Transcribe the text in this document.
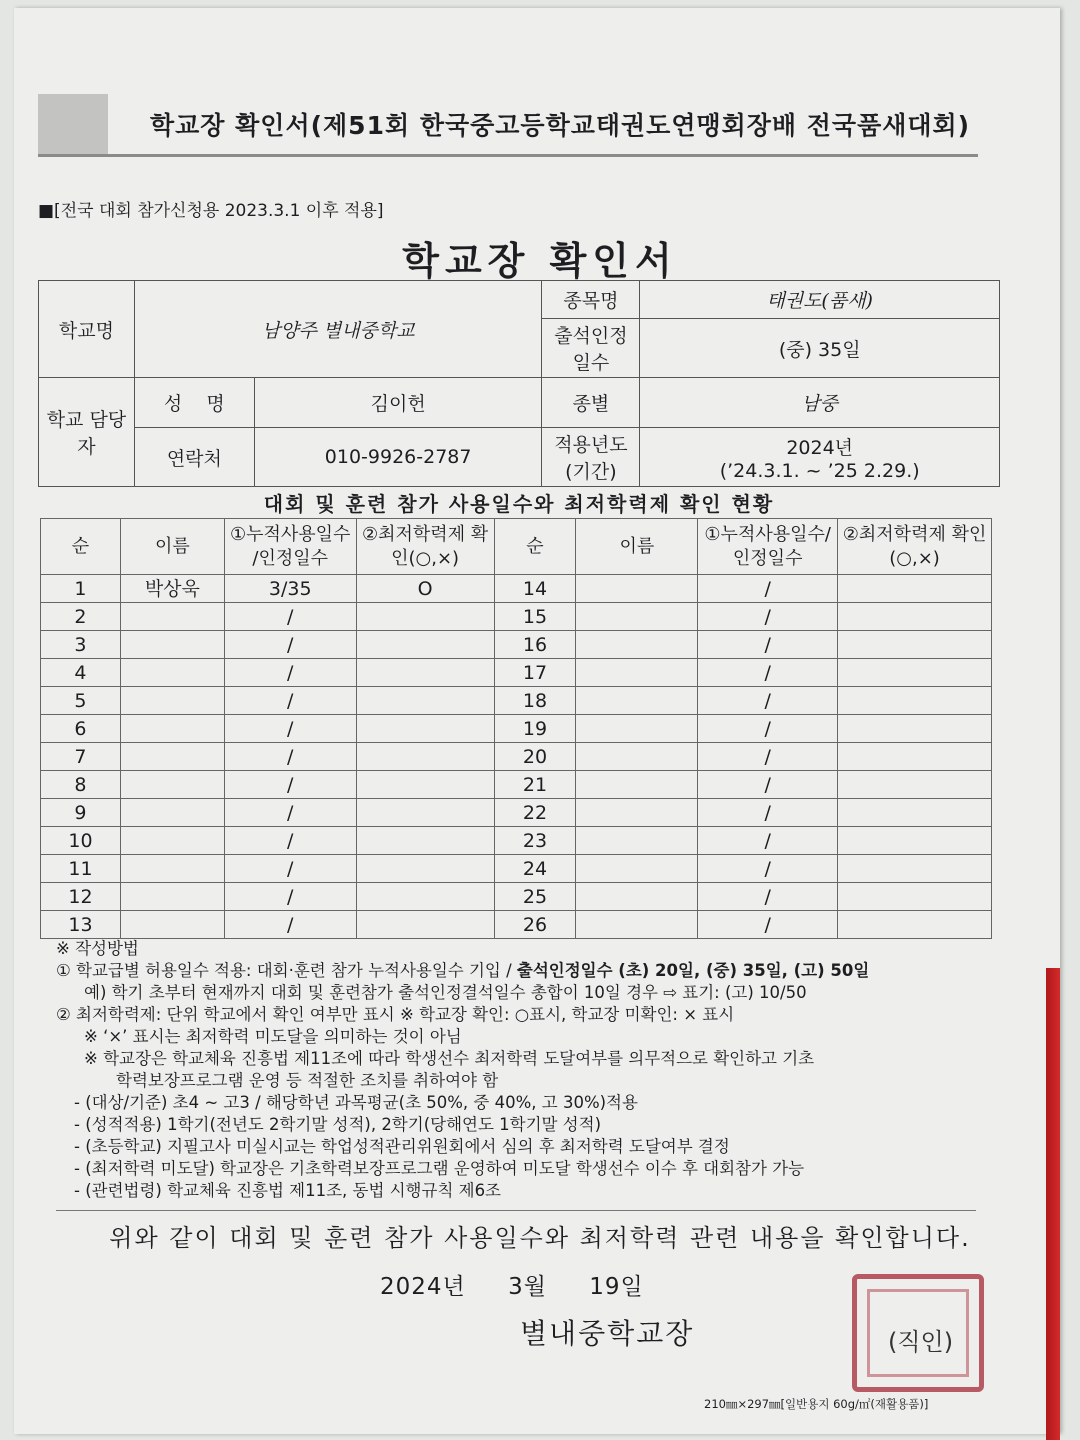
학교장 확인서(제51회 한국중고등학교태권도연맹회장배 전국품새대회)
■[전국 대회 참가신청용 2023.3.1 이후 적용]
학교장 확인서
학교명	남양주 별내중학교		종목명	태권도(품새)
			출석인정 일수	(중) 35일
학교 담당자	성    명	김이헌	종별	남중
	연락처	010-9926-2787	적용년도 (기간)	2024년
(’24.3.1. ~ ’25 2.29.)
대회 및 훈련 참가 사용일수와 최저학력제 확인 현황
순	이름	①누적사용일수 /인정일수	②최저학력제 확인(○,×)	순	이름	①누적사용일수/ 인정일수	②최저학력제 확인(○,×)
1	박상욱	3/35	O	14		/	
2		/		15		/	
3		/		16		/	
4		/		17		/	
5		/		18		/	
6		/		19		/	
7		/		20		/	
8		/		21		/	
9		/		22		/	
10		/		23		/	
11		/		24		/	
12		/		25		/	
13		/		26		/	

※ 작성방법

① 학교급별 허용일수 적용: 대회·훈련 참가 누적사용일수 기입 / 출석인정일수 (초) 20일, (중) 35일, (고) 50일

예) 학기 초부터 현재까지 대회 및 훈련참가 출석인정결석일수 총합이 10일 경우 ⇨ 표기: (고) 10/50

② 최저학력제: 단위 학교에서 확인 여부만 표시 ※ 학교장 확인: ○표시, 학교장 미확인: × 표시

※ ‘×’ 표시는 최저학력 미도달을 의미하는 것이 아님

※ 학교장은 학교체육 진흥법 제11조에 따라 학생선수 최저학력 도달여부를 의무적으로 확인하고 기초

학력보장프로그램 운영 등 적절한 조치를 취하여야 함

- (대상/기준) 초4 ~ 고3 / 해당학년 과목평균(초 50%, 중 40%, 고 30%)적용

- (성적적용) 1학기(전년도 2학기말 성적), 2학기(당해연도 1학기말 성적)

- (초등학교) 지필고사 미실시교는 학업성적관리위원회에서 심의 후 최저학력 도달여부 결정

- (최저학력 미도달) 학교장은 기초학력보장프로그램 운영하여 미도달 학생선수 이수 후 대회참가 가능

- (관련법령) 학교체육 진흥법 제11조, 동법 시행규칙 제6조

위와 같이 대회 및 훈련 참가 사용일수와 최저학력 관련 내용을 확인합니다.
2024년 3월 19일
별내중학교장	(직인)
210㎜×297㎜[일반용지 60g/㎡(재활용품)]
